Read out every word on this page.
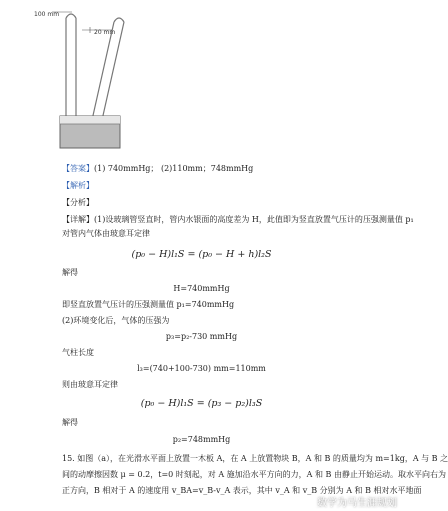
100 mm
20 mm
【答案】(1) 740mmHg； (2)110mm；748mmHg
【解析】
【分析】
【详解】(1)设玻璃管竖直时，管内水银面的高度差为 H，此值即为竖直放置气压计的压强测量值 p₁
对管内气体由玻意耳定律
(p₀ − H)l₁S = (p₀ − H + h)l₂S
解得
H=740mmHg
即竖直放置气压计的压强测量值 p₁=740mmHg
(2)环境变化后，气体的压强为
p₃=p₂-730 mmHg
气柱长度
l₃=(740+100-730) mm=110mm
则由玻意耳定律
(p₀ − H)l₁S = (p₃ − p₂)l₃S
解得
p₂=748mmHg
15. 如图（a），在光滑水平面上放置一木板 A，在 A 上放置物块 B，A 和 B 的质量均为 m=1kg，A 与 B 之
间的动摩擦因数 μ = 0.2，t=0 时刻起，对 A 施加沿水平方向的力，A 和 B 由静止开始运动。取水平向右为
正方向，B 相对于 A 的速度用 v_BA=v_B-v_A 表示，其中 v_A 和 v_B 分别为 A 和 B 相对水平地面
数学为马生涯规划
